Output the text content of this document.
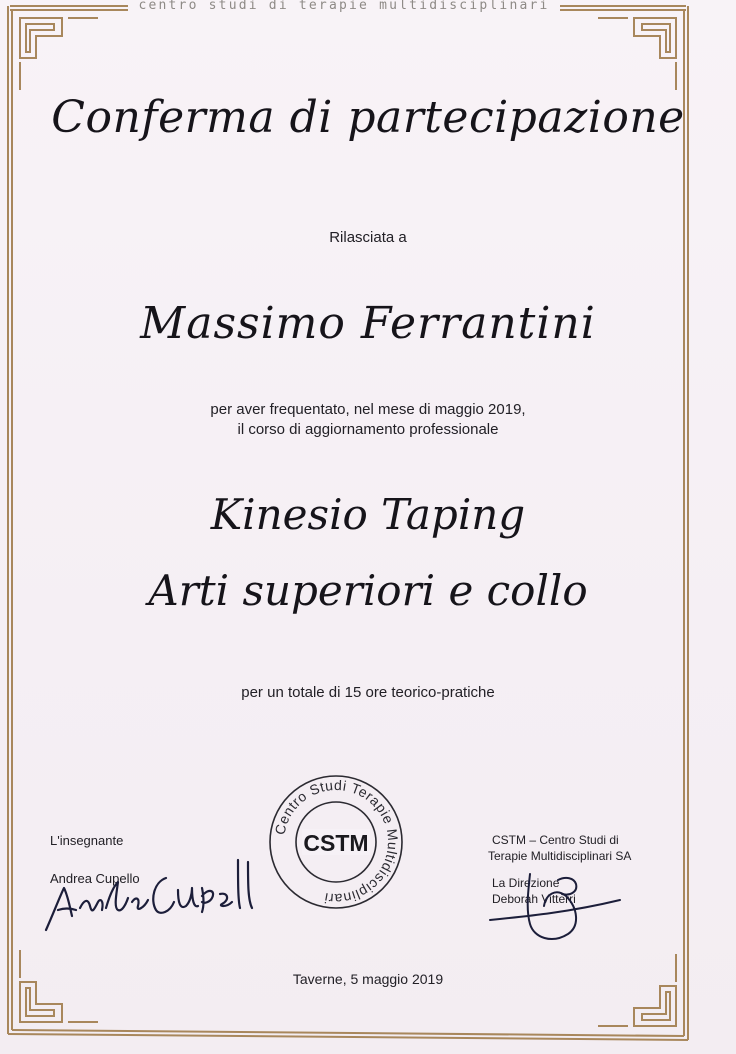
centro studi di terapie multidisciplinari
Conferma di partecipazione
Rilasciata a
Massimo Ferrantini
per aver frequentato, nel mese di maggio 2019,
il corso di aggiornamento professionale
Kinesio Taping
Arti superiori e collo
per un totale di 15 ore teorico-pratiche
L'insegnante
Andrea Cupello
Centro Studi Terapie Multidisciplinari
CSTM	CSTM – Centro Studi di
Terapie Multidisciplinari SA
La Direzione
Deborah Vitterri
Taverne, 5 maggio 2019
